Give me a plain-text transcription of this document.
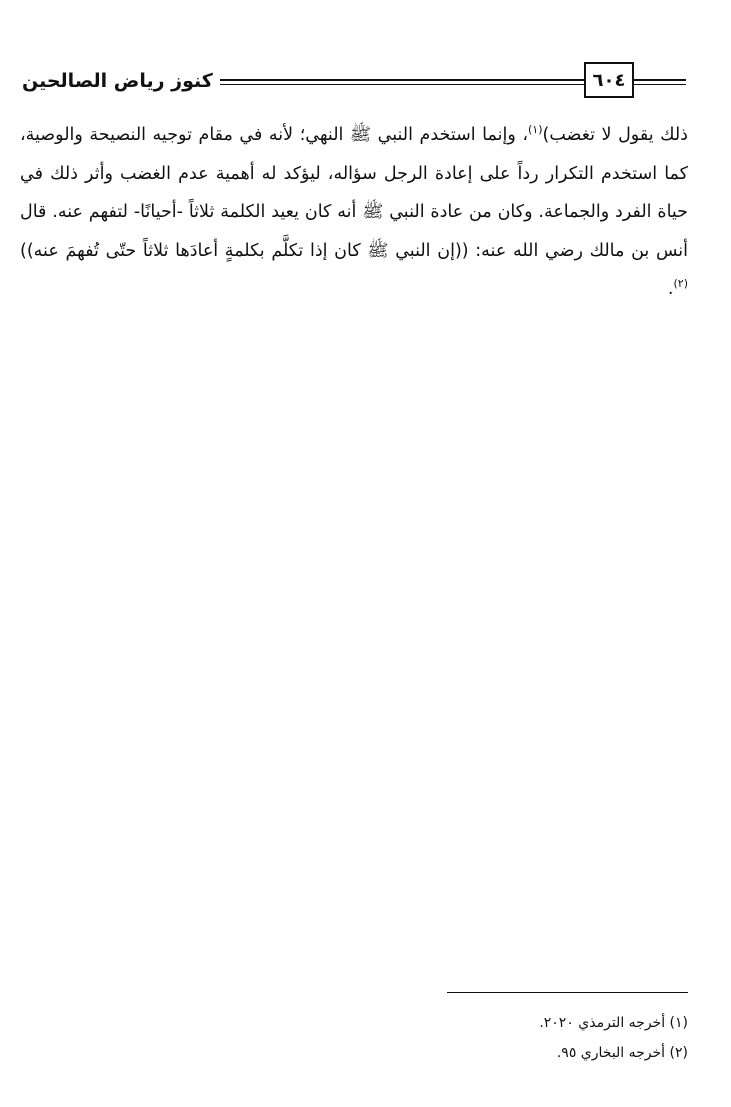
كنوز رياض الصالحين	٦٠٤

ذلك يقول لا تغضب)$^{(١)}$، وإنما استخدم النبي ﷺ النهي؛ لأنه في مقام توجيه النصيحة والوصية، كما استخدم التكرار رداً على إعادة الرجل سؤاله، ليؤكد له أهمية عدم الغضب وأثر ذلك في حياة الفرد والجماعة. وكان من عادة النبي ﷺ أنه كان يعيد الكلمة ثلاثاً -أحيانًا- لتفهم عنه. قال أنس بن مالك رضي الله عنه: ((إن النبي ﷺ كان إذا تكلَّم بكلمةٍ أعادَها ثلاثاً حتّى تُفهمَ عنه))$^{(٢)}$.

(١) أخرجه الترمذي ٢٠٢٠.
(٢) أخرجه البخاري ٩٥.
